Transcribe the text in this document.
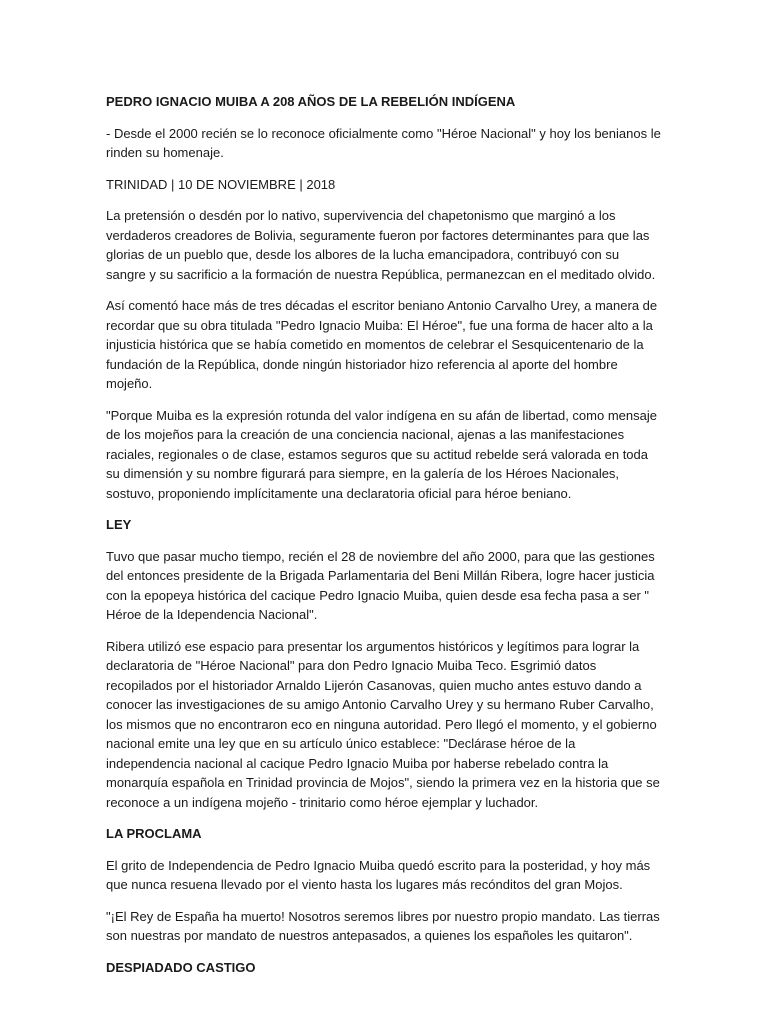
PEDRO IGNACIO MUIBA A 208 AÑOS DE LA REBELIÓN INDÍGENA

- Desde el 2000 recién se lo reconoce oficialmente como "Héroe Nacional" y hoy los benianos le rinden su homenaje.

TRINIDAD | 10 DE NOVIEMBRE | 2018

La pretensión o desdén por lo nativo, supervivencia del chapetonismo que marginó a los verdaderos creadores de Bolivia, seguramente fueron por factores determinantes para que las glorias de un pueblo que, desde los albores de la lucha emancipadora, contribuyó con su sangre y su sacrificio a la formación de nuestra República, permanezcan en el meditado olvido.

Así comentó hace más de tres décadas el escritor beniano Antonio Carvalho Urey, a manera de recordar que su obra titulada "Pedro Ignacio Muiba: El Héroe", fue una forma de hacer alto a la injusticia histórica que se había cometido en momentos de celebrar el Sesquicentenario de la fundación de la República, donde ningún historiador hizo referencia al aporte del hombre mojeño.

"Porque Muiba es la expresión rotunda del valor indígena en su afán de libertad, como mensaje de los mojeños para la creación de una conciencia nacional, ajenas a las manifestaciones raciales, regionales o de clase, estamos seguros que su actitud rebelde será valorada en toda su dimensión y su nombre figurará para siempre, en la galería de los Héroes Nacionales, sostuvo, proponiendo implícitamente una declaratoria oficial para héroe beniano.

LEY

Tuvo que pasar mucho tiempo, recién el 28 de noviembre del año 2000, para que las gestiones del entonces presidente de la Brigada Parlamentaria del Beni Millán Ribera, logre hacer justicia con la epopeya histórica del cacique Pedro Ignacio Muiba, quien desde esa fecha pasa a ser " Héroe de la Idependencia Nacional".

Ribera utilizó ese espacio para presentar los argumentos históricos y legítimos para lograr la declaratoria de "Héroe Nacional" para don Pedro Ignacio Muiba Teco. Esgrimió datos recopilados por el historiador Arnaldo Lijerón Casanovas, quien mucho antes estuvo dando a conocer las investigaciones de su amigo Antonio Carvalho Urey y su hermano Ruber Carvalho, los mismos que no encontraron eco en ninguna autoridad. Pero llegó el momento, y el gobierno nacional emite una ley que en su artículo único establece: "Declárase héroe de la independencia nacional al cacique Pedro Ignacio Muiba por haberse rebelado contra la monarquía española en Trinidad provincia de Mojos", siendo la primera vez en la historia que se reconoce a un indígena mojeño - trinitario como héroe ejemplar y luchador.

LA PROCLAMA

El grito de Independencia de Pedro Ignacio Muiba quedó escrito para la posteridad, y hoy más que nunca resuena llevado por el viento hasta los lugares más recónditos del gran Mojos.

"¡El Rey de España ha muerto! Nosotros seremos libres por nuestro propio mandato. Las tierras son nuestras por mandato de nuestros antepasados, a quienes los españoles les quitaron".

DESPIADADO CASTIGO
